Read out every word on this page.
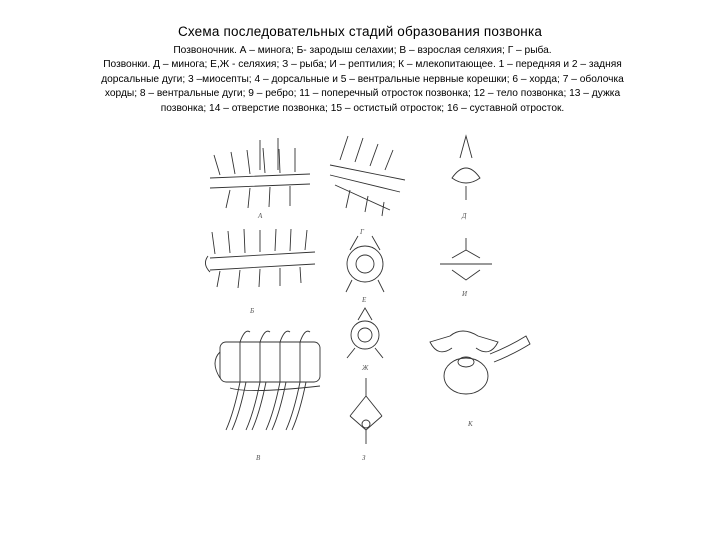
Схема последовательных стадий образования позвонка
Позвоночник. А – минога; Б- зародыш селахии; В – взрослая селяхия; Г – рыба.
Позвонки. Д – минога; Е,Ж - селяхия; З – рыба; И – рептилия; К – млекопитающее. 1 – передняя и 2 – задняя
дорсальные дуги; 3 –миосепты; 4 – дорсальные и 5 – вентральные нервные корешки; 6 – хорда; 7 – оболочка
хорды; 8 – вентральные дуги; 9 – ребро; 11 – поперечный отросток позвонка; 12 – тело позвонка; 13 – дужка
позвонка; 14 – отверстие позвонка; 15 – остистый отросток; 16 – суставной отросток.
А
Б
В
Г
Д
Е
Ж
З
И
К
